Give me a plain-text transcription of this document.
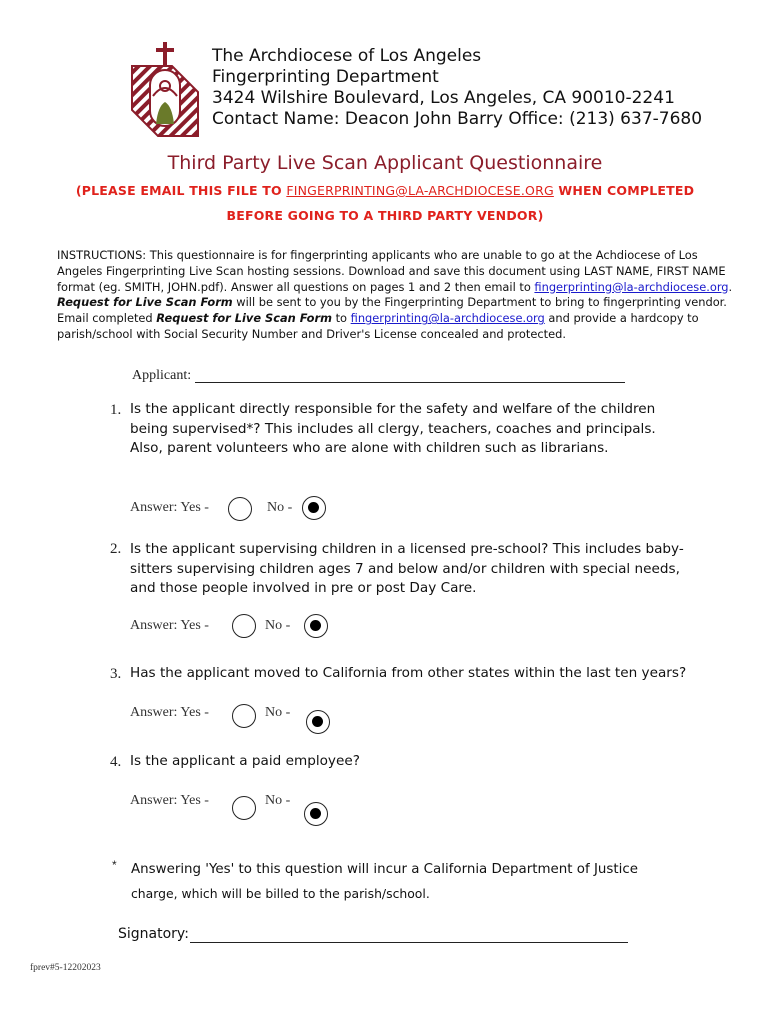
The Archdiocese of Los Angeles
Fingerprinting Department
3424 Wilshire Boulevard, Los Angeles, CA 90010-2241
Contact Name: Deacon John Barry Office: (213) 637-7680
Third Party Live Scan Applicant Questionnaire
(PLEASE EMAIL THIS FILE TO FINGERPRINTING@LA-ARCHDIOCESE.ORG WHEN COMPLETED
BEFORE GOING TO A THIRD PARTY VENDOR)
INSTRUCTIONS: This questionnaire is for fingerprinting applicants who are unable to go at the Achdiocese of Los Angeles Fingerprinting Live Scan hosting sessions. Download and save this document using LAST NAME, FIRST NAME format (eg. SMITH, JOHN.pdf). Answer all questions on pages 1 and 2 then email to fingerprinting@la-archdiocese.org. Request for Live Scan Form will be sent to you by the Fingerprinting Department to bring to fingerprinting vendor. Email completed Request for Live Scan Form to fingerprinting@la-archdiocese.org and provide a hardcopy to parish/school with Social Security Number and Driver's License concealed and protected.
Applicant:
1. Is the applicant directly responsible for the safety and welfare of the children being supervised*? This includes all clergy, teachers, coaches and principals. Also, parent volunteers who are alone with children such as librarians.
Answer: Yes -	No -
2. Is the applicant supervising children in a licensed pre-school? This includes baby-sitters supervising children ages 7 and below and/or children with special needs, and those people involved in pre or post Day Care.
Answer: Yes -	No -
3. Has the applicant moved to California from other states within the last ten years?
Answer: Yes -	No -
4. Is the applicant a paid employee?
Answer: Yes -	No -
* Answering 'Yes' to this question will incur a California Department of Justice
charge, which will be billed to the parish/school.
Signatory:
fprev#5-12202023
